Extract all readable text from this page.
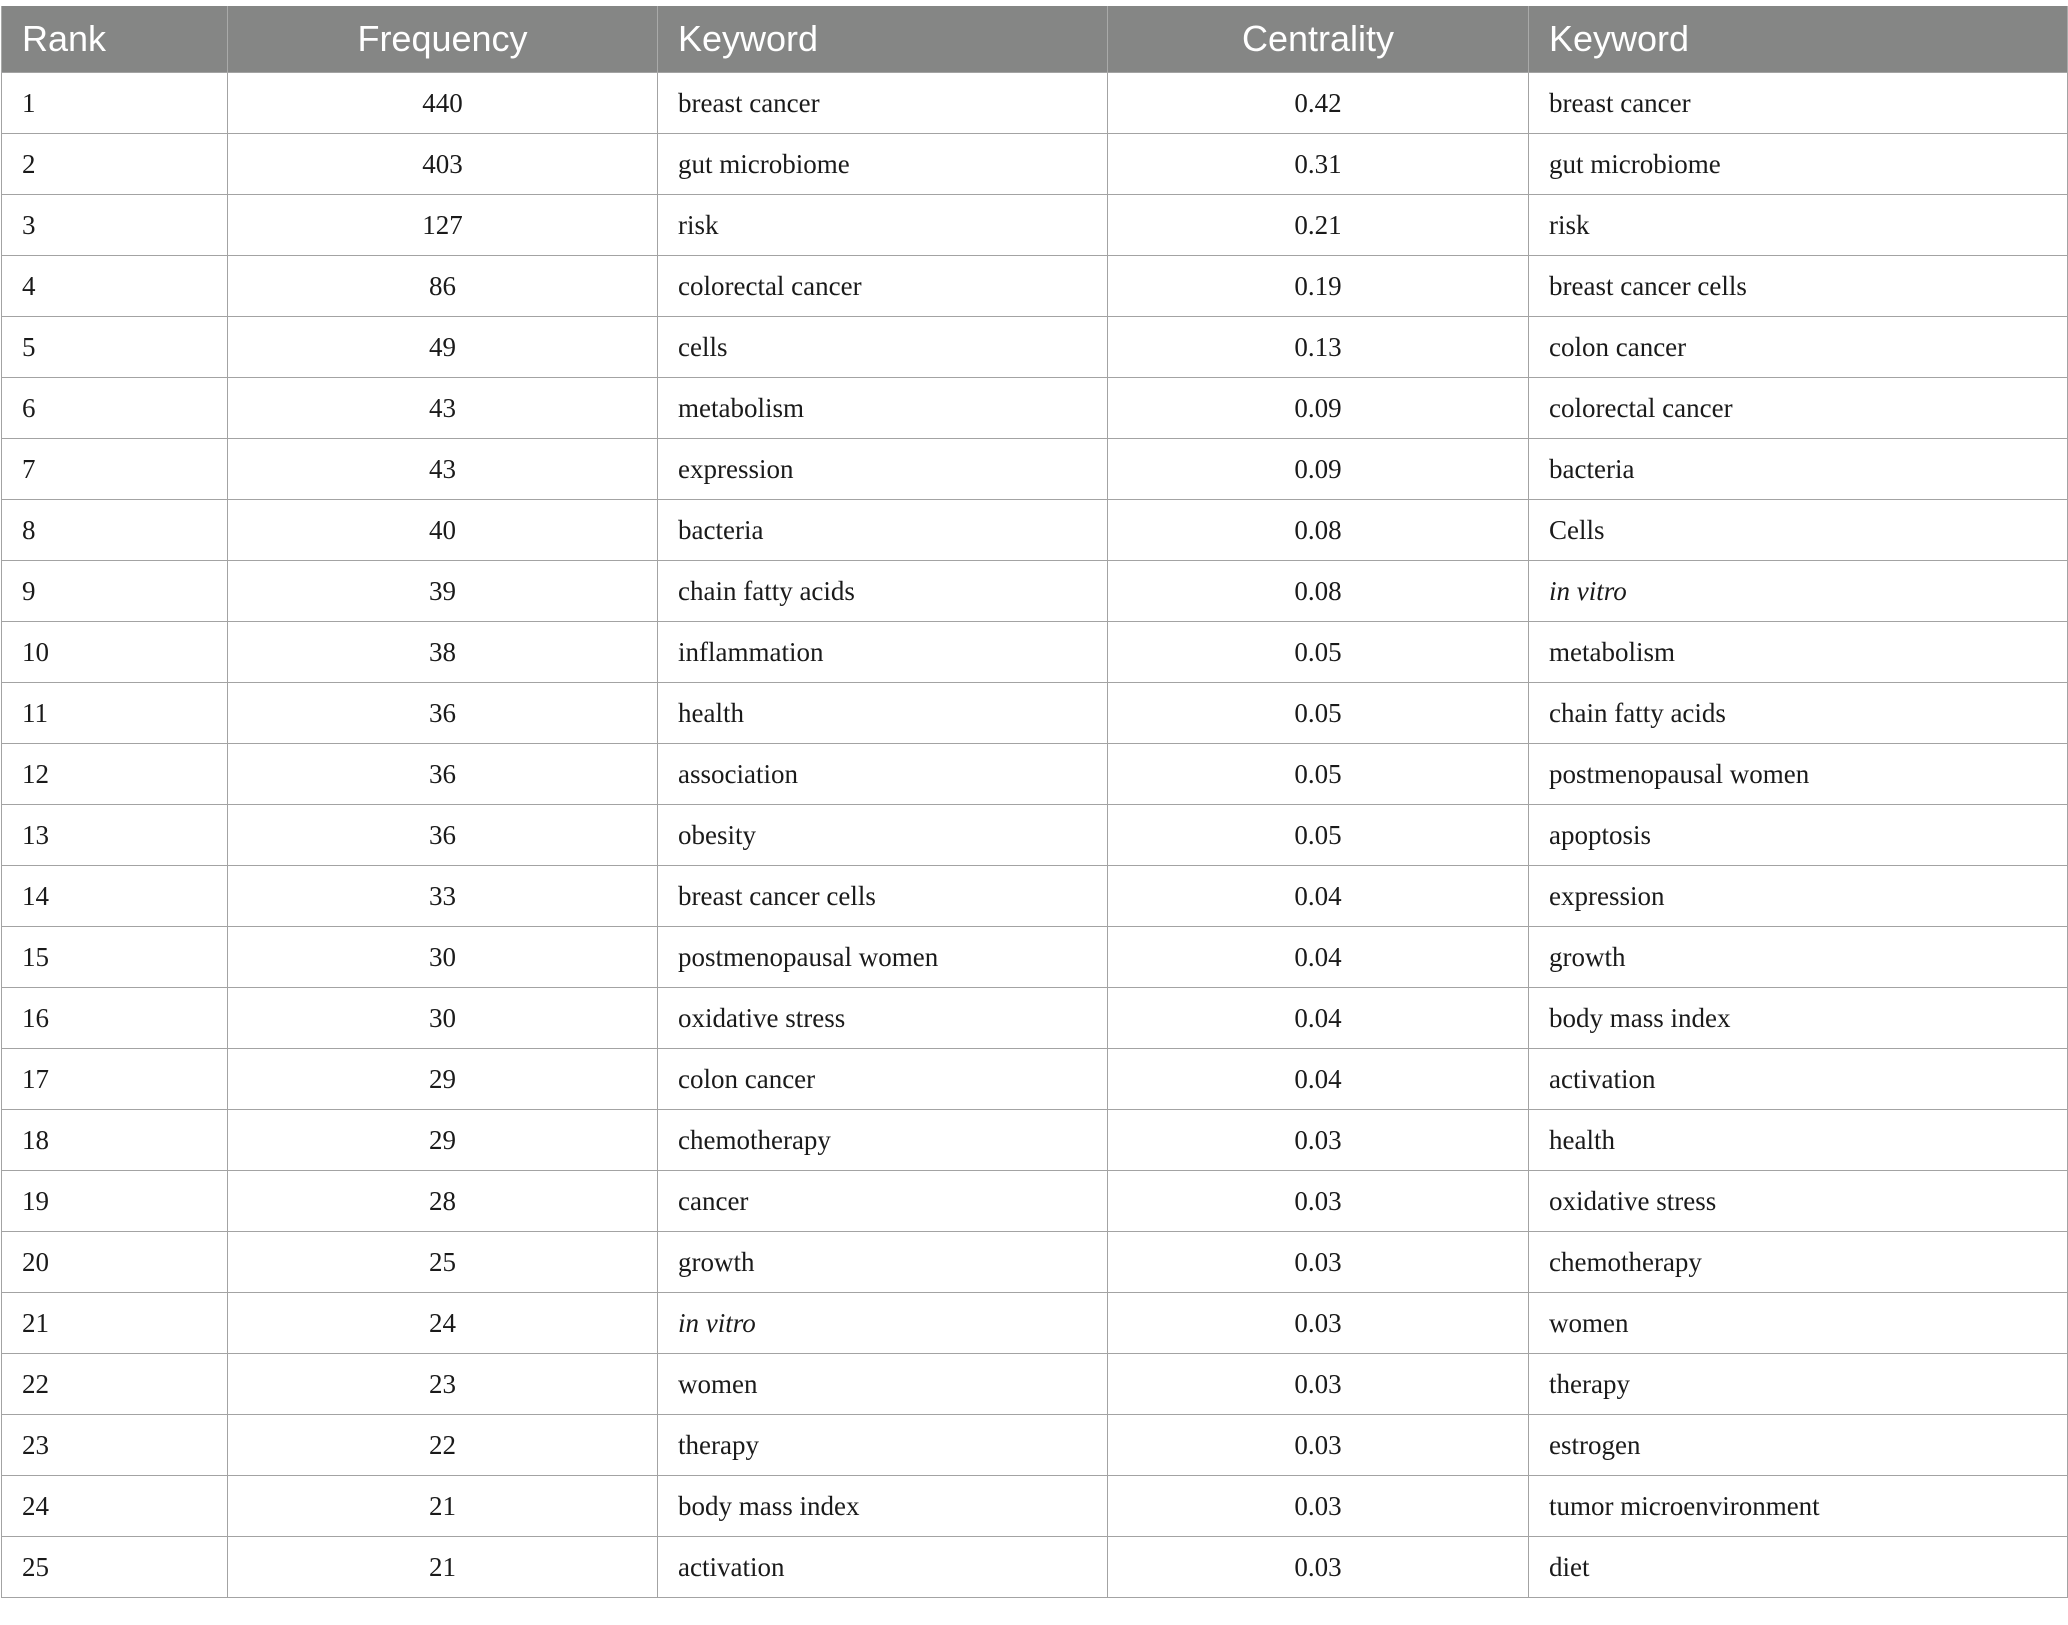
Rank	Frequency	Keyword	Centrality	Keyword
1	440	breast cancer	0.42	breast cancer
2	403	gut microbiome	0.31	gut microbiome
3	127	risk	0.21	risk
4	86	colorectal cancer	0.19	breast cancer cells
5	49	cells	0.13	colon cancer
6	43	metabolism	0.09	colorectal cancer
7	43	expression	0.09	bacteria
8	40	bacteria	0.08	Cells
9	39	chain fatty acids	0.08	in vitro
10	38	inflammation	0.05	metabolism
11	36	health	0.05	chain fatty acids
12	36	association	0.05	postmenopausal women
13	36	obesity	0.05	apoptosis
14	33	breast cancer cells	0.04	expression
15	30	postmenopausal women	0.04	growth
16	30	oxidative stress	0.04	body mass index
17	29	colon cancer	0.04	activation
18	29	chemotherapy	0.03	health
19	28	cancer	0.03	oxidative stress
20	25	growth	0.03	chemotherapy
21	24	in vitro	0.03	women
22	23	women	0.03	therapy
23	22	therapy	0.03	estrogen
24	21	body mass index	0.03	tumor microenvironment
25	21	activation	0.03	diet
